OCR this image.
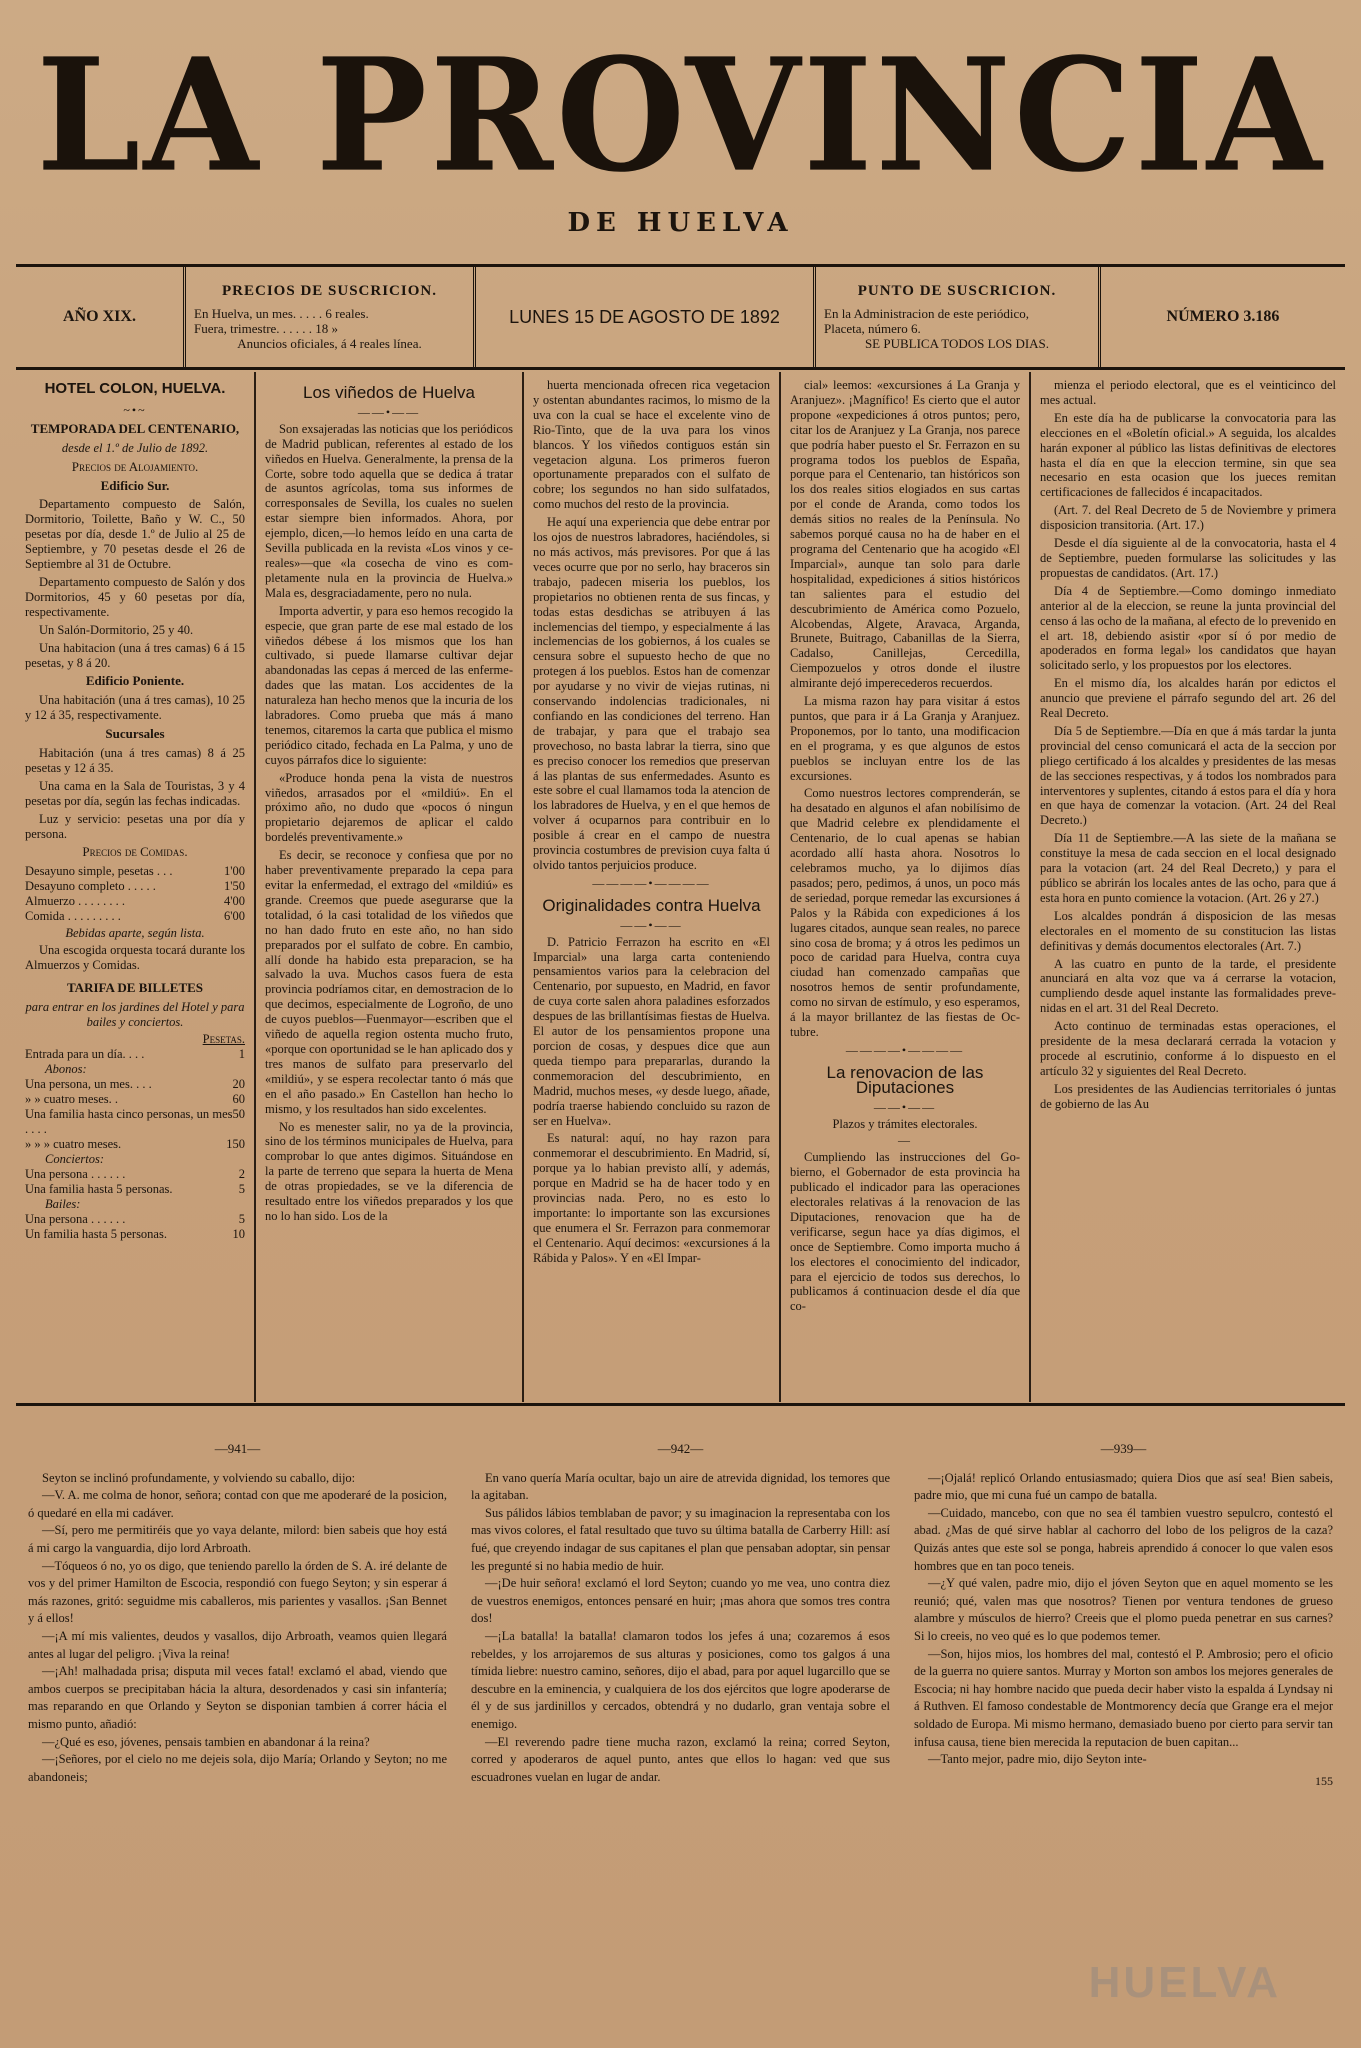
LA PROVINCIA
DE HUELVA
AÑO XIX.
PRECIOS DE SUSCRICION.
En Huelva, un mes. . . . . 6 reales.
Fuera, trimestre. . . . . . 18 »
Anuncios oficiales, á 4 reales línea.
LUNES 15 DE AGOSTO DE 1892
PUNTO DE SUSCRICION.
En la Administracion de este periódico,
Placeta, número 6.
SE PUBLICA TODOS LOS DIAS.
NÚMERO 3.186
HOTEL COLON, HUELVA.
~•~
TEMPORADA DEL CENTENARIO,
desde el 1.º de Julio de 1892.
Precios de Alojamiento.
Edificio Sur.

Departamento compuesto de Salón, Dormitorio, Toilette, Baño y W. C., 50 pesetas por día, desde 1.º de Julio al 25 de Septiembre, y 70 pesetas desde el 26 de Septiembre al 31 de Octubre.

Departamento compuesto de Salón y dos Dormitorios, 45 y 60 pesetas por día, respectivamente.

Un Salón-Dormitorio, 25 y 40.

Una habitacion (una á tres camas) 6 á 15 pesetas, y 8 á 20.

Edificio Poniente.

Una habitación (una á tres camas), 10 25 y 12 á 35, respectivamente.

Sucursales

Habitación (una á tres camas) 8 á 25 pesetas y 12 á 35.

Una cama en la Sala de Touristas, 3 y 4 pesetas por día, según las fechas indicadas.

Luz y servicio: pesetas una por día y persona.

Precios de Comidas.
Desayuno simple, pesetas . . .	1'00
Desayuno completo . . . . .	1'50
Almuerzo . . . . . . . .	4'00
Comida . . . . . . . . .	6'00
Bebidas aparte, según lista.

Una escogida orquesta tocará durante los Almuerzos y Comidas.

TARIFA DE BILLETES
para entrar en los jardines del Hotel y para bailes y conciertos.
Pesetas.
Entrada para un día. . . .	1
Abonos:
Una persona, un mes. . . .	20
» » cuatro meses. .	60
Una familia hasta cinco personas, un mes . . . .
50
» » » cuatro meses.	150
Conciertos:
Una persona . . . . . .	2
Una familia hasta 5 personas.	5
Bailes:
Una persona . . . . . .	5
Un familia hasta 5 personas.	10
Los viñedos de Huelva
——•——

Son exsajeradas las noticias que los periódicos de Madrid publican, referentes al estado de los viñedos en Huelva. Generalmente, la prensa de la Corte, sobre todo aquella que se dedica á tratar de asuntos agrícolas, toma sus informes de corresponsales de Sevilla, los cuales no suelen estar siempre bien informados. Ahora, por ejemplo, dicen,—lo hemos leído en una carta de Sevilla publicada en la revista «Los vinos y cereales»—que «la cosecha de vino es completamente nula en la provincia de Huelva.» Mala es, desgraciadamente, pero no nula.

Importa advertir, y para eso hemos recogido la especie, que gran parte de ese mal estado de los viñedos débese á los mismos que los han cultivado, si puede llamarse cultivar dejar abandonadas las cepas á merced de las enfermedades que las matan. Los accidentes de la naturaleza han hecho menos que la incuria de los labradores. Como prueba que más á mano tenemos, citaremos la carta que publica el mismo periódico citado, fechada en La Palma, y uno de cuyos párrafos dice lo siguiente:

«Produce honda pena la vista de nuestros viñedos, arrasados por el «mildiú». En el próximo año, no dudo que «pocos ó ningun propietario dejaremos de aplicar el caldo bordelés preventivamente.»

Es decir, se reconoce y confiesa que por no haber preventivamente preparado la cepa para evitar la enfermedad, el extrago del «mildiú» es grande. Creemos que puede asegurarse que la totalidad, ó la casi totalidad de los viñedos que no han dado fruto en este año, no han sido preparados por el sulfato de cobre. En cambio, allí donde ha habido esta preparacion, se ha salvado la uva. Muchos casos fuera de esta provincia podríamos citar, en demostracion de lo que decimos, especialmente de Logroño, de uno de cuyos pueblos—Fuenmayor—escriben que el viñedo de aquella region ostenta mucho fruto, «porque con oportunidad se le han aplicado dos y tres manos de sulfato para preservarlo del «mildiú», y se espera recolectar tanto ó más que en el año pasado.» En Castellon han hecho lo mismo, y los resultados han sido excelentes.

No es menester salir, no ya de la provincia, sino de los términos municipales de Huelva, para comprobar lo que antes digimos. Situándose en la parte de terreno que separa la huerta de Mena de otras propiedades, se ve la diferencia de resultado entre los viñedos preparados y los que no lo han sido. Los de la

huerta mencionada ofrecen rica vegetacion y ostentan abundantes racimos, lo mismo de la uva con la cual se hace el excelente vino de Rio-Tinto, que de la uva para los vinos blancos. Y los viñedos contiguos están sin vegetacion alguna. Los primeros fueron oportunamente preparados con el sulfato de cobre; los segundos no han sido sulfatados, como muchos del resto de la provincia.

He aquí una experiencia que debe entrar por los ojos de nuestros labradores, haciéndoles, si no más activos, más previsores. Por que á las veces ocurre que por no serlo, hay braceros sin trabajo, padecen miseria los pueblos, los propietarios no obtienen renta de sus fincas, y todas estas desdichas se atribuyen á las inclemencias del tiempo, y especialmente á las inclemencias de los gobiernos, á los cuales se censura sobre el supuesto hecho de que no protegen á los pueblos. Estos han de comenzar por ayudarse y no vivir de viejas rutinas, ni conservando indolencias tradicionales, ni confiando en las condiciones del terreno. Han de trabajar, y para que el trabajo sea provechoso, no basta labrar la tierra, sino que es preciso conocer los remedios que preservan á las plantas de sus enfermedades. Asunto es este sobre el cual llamamos toda la atencion de los labradores de Huelva, y en el que hemos de volver á ocuparnos para contribuir en lo posible á crear en el campo de nuestra provincia costumbres de prevision cuya falta ú olvido tantos perjuicios produce.

————•————
Originalidades contra Huelva
——•——

D. Patricio Ferrazon ha escrito en «El Imparcial» una larga carta conteniendo pensamientos varios para la celebracion del Centenario, por supuesto, en Madrid, en favor de cuya corte salen ahora paladines esforzados despues de las brillantísimas fiestas de Huelva. El autor de los pensamientos propone una porcion de cosas, y despues dice que aun queda tiempo para prepararlas, durando la conmemoracion del descubrimiento, en Madrid, muchos meses, «y desde luego, añade, podría traerse habiendo concluido su razon de ser en Huelva».

Es natural: aquí, no hay razon para conmemorar el descubrimiento. En Madrid, sí, porque ya lo habian previsto allí, y además, porque en Madrid se ha de hacer todo y en provincias nada. Pero, no es esto lo importante: lo importante son las excursiones que enumera el Sr. Ferrazon para conmemorar el Centenario. Aquí decimos: «excursiones á la Rábida y Palos». Y en «El Impar-

cial» leemos: «excursiones á La Granja y Aranjuez». ¡Magnífico! Es cierto que el autor propone «expediciones á otros puntos; pero, citar los de Aranjuez y La Granja, nos parece que podría haber puesto el Sr. Ferrazon en su programa todos los pueblos de España, porque para el Centenario, tan históricos son los dos reales sitios elogiados en sus cartas por el conde de Aranda, como todos los demás sitios no reales de la Península. No sabemos porqué causa no ha de haber en el programa del Centenario que ha acogido «El Imparcial», aunque tan solo para darle hospitalidad, expediciones á sitios históricos tan salientes para el estudio del descubrimiento de América como Pozuelo, Alcobendas, Algete, Aravaca, Arganda, Brunete, Buitrago, Cabanillas de la Sierra, Cadalso, Canillejas, Cercedilla, Ciempozuelos y otros donde el ilustre almirante dejó imperecederos recuerdos.

La misma razon hay para visitar á estos puntos, que para ir á La Granja y Aranjuez. Proponemos, por lo tanto, una modificacion en el programa, y es que algunos de estos pueblos se incluyan entre los de las excursiones.

Como nuestros lectores comprenderán, se ha desatado en algunos el afan nobilísimo de que Madrid celebre ex plendidamente el Centenario, de lo cual apenas se habian acordado allí hasta ahora. Nosotros lo celebramos mucho, ya lo dijimos días pasados; pero, pedimos, á unos, un poco más de seriedad, porque remedar las excursiones á Palos y la Rábida con expediciones á los lugares citados, aunque sean reales, no parece sino cosa de broma; y á otros les pedimos un poco de caridad para Huelva, contra cuya ciudad han comenzado campañas que nosotros hemos de sentir profundamente, como no sirvan de estímulo, y eso esperamos, á la mayor brillantez de las fiestas de Octubre.

————•————
La renovacion de las Diputaciones
——•——
Plazos y trámites electorales.
—

Cumpliendo las instrucciones del Gobierno, el Gobernador de esta provincia ha publicado el indicador para las operaciones electorales relativas á la renovacion de las Diputaciones, renovacion que ha de verificarse, segun hace ya días digimos, el once de Septiembre. Como importa mucho á los electores el conocimiento del indicador, para el ejercicio de todos sus derechos, lo publicamos á continuacion desde el día que co-

mienza el periodo electoral, que es el veinticinco del mes actual.

En este día ha de publicarse la convocatoria para las elecciones en el «Boletín oficial.» A seguida, los alcaldes harán exponer al público las listas definitivas de electores hasta el día en que la eleccion termine, sin que sea necesario en esta ocasion que los jueces remitan certificaciones de fallecidos é incapacitados.

(Art. 7. del Real Decreto de 5 de Noviembre y primera disposicion transitoria. (Art. 17.)

Desde el día siguiente al de la convocatoria, hasta el 4 de Septiembre, pueden formularse las solicitudes y las propuestas de candidatos. (Art. 17.)

Día 4 de Septiembre.—Como domingo inmediato anterior al de la eleccion, se reune la junta provincial del censo á las ocho de la mañana, al efecto de lo prevenido en el art. 18, debiendo asistir «por sí ó por medio de apoderados en forma legal» los candidatos que hayan solicitado serlo, y los propuestos por los electores.

En el mismo día, los alcaldes harán por edictos el anuncio que previene el párrafo segundo del art. 26 del Real Decreto.

Día 5 de Septiembre.—Día en que á más tardar la junta provincial del censo comunicará el acta de la seccion por pliego certificado á los alcaldes y presidentes de las mesas de las secciones respectivas, y á todos los nombrados para interventores y suplentes, citando á estos para el día y hora en que haya de comenzar la votacion. (Art. 24 del Real Decreto.)

Día 11 de Septiembre.—A las siete de la mañana se constituye la mesa de cada seccion en el local designado para la votacion (art. 24 del Real Decreto,) y para el público se abrirán los locales antes de las ocho, para que á esta hora en punto comience la votacion. (Art. 26 y 27.)

Los alcaldes pondrán á disposicion de las mesas electorales en el momento de su constitucion las listas definitivas y demás documentos electorales (Art. 7.)

A las cuatro en punto de la tarde, el presidente anunciará en alta voz que va á cerrarse la votacion, cumpliendo desde aquel instante las formalidades prevenidas en el art. 31 del Real Decreto.

Acto continuo de terminadas estas operaciones, el presidente de la mesa declarará cerrada la votacion y procede al escrutinio, conforme á lo dispuesto en el artículo 32 y siguientes del Real Decreto.

Los presidentes de las Audiencias territoriales ó juntas de gobierno de las Au

—941—

Seyton se inclinó profundamente, y volviendo su caballo, dijo:

—V. A. me colma de honor, señora; contad con que me apoderaré de la posicion, ó quedaré en ella mi cadáver.

—Sí, pero me permitiréis que yo vaya delante, milord: bien sabeis que hoy está á mi cargo la vanguardia, dijo lord Arbroath.

—Tóqueos ó no, yo os digo, que teniendo parello la órden de S. A. iré delante de vos y del primer Hamilton de Escocia, respondió con fuego Seyton; y sin esperar á más razones, gritó: seguidme mis caballeros, mis parientes y vasallos. ¡San Bennet y á ellos!

—¡A mí mis valientes, deudos y vasallos, dijo Arbroath, veamos quien llegará antes al lugar del peligro. ¡Viva la reina!

—¡Ah! malhadada prisa; disputa mil veces fatal! exclamó el abad, viendo que ambos cuerpos se precipitaban hácia la altura, desordenados y casi sin infantería; mas reparando en que Orlando y Seyton se disponian tambien á correr hácia el mismo punto, añadió:

—¿Qué es eso, jóvenes, pensais tambien en abandonar á la reina?

—¡Señores, por el cielo no me dejeis sola, dijo María; Orlando y Seyton; no me abandoneis;

—942—

En vano quería María ocultar, bajo un aire de atrevida dignidad, los temores que la agitaban.

Sus pálidos lábios temblaban de pavor; y su imaginacion la representaba con los mas vivos colores, el fatal resultado que tuvo su última batalla de Carberry Hill: así fué, que creyendo indagar de sus capitanes el plan que pensaban adoptar, sin pensar les pregunté si no habia medio de huir.

—¡De huir señora! exclamó el lord Seyton; cuando yo me vea, uno contra diez de vuestros enemigos, entonces pensaré en huir; ¡mas ahora que somos tres contra dos!

—¡La batalla! la batalla! clamaron todos los jefes á una; cozaremos á esos rebeldes, y los arrojaremos de sus alturas y posiciones, como tos galgos á una tímida liebre: nuestro camino, señores, dijo el abad, para por aquel lugarcillo que se descubre en la eminencia, y cualquiera de los dos ejércitos que logre apoderarse de él y de sus jardinillos y cercados, obtendrá y no dudarlo, gran ventaja sobre el enemigo.

—El reverendo padre tiene mucha razon, exclamó la reina; corred Seyton, corred y apoderaros de aquel punto, antes que ellos lo hagan: ved que sus escuadrones vuelan en lugar de andar.

—939—

—¡Ojalá! replicó Orlando entusiasmado; quiera Dios que así sea! Bien sabeis, padre mio, que mi cuna fué un campo de batalla.

—Cuidado, mancebo, con que no sea él tambien vuestro sepulcro, contestó el abad. ¿Mas de qué sirve hablar al cachorro del lobo de los peligros de la caza? Quizás antes que este sol se ponga, habreis aprendido á conocer lo que valen esos hombres que en tan poco teneis.

—¿Y qué valen, padre mio, dijo el jóven Seyton que en aquel momento se les reunió; qué, valen mas que nosotros? Tienen por ventura tendones de grueso alambre y músculos de hierro? Creeis que el plomo pueda penetrar en sus carnes? Si lo creeis, no veo qué es lo que podemos temer.

—Son, hijos mios, los hombres del mal, contestó el P. Ambrosio; pero el oficio de la guerra no quiere santos. Murray y Morton son ambos los mejores generales de Escocia; ni hay hombre nacido que pueda decir haber visto la espalda á Lyndsay ni á Ruthven. El famoso condestable de Montmorency decía que Grange era el mejor soldado de Europa. Mi mismo hermano, demasiado bueno por cierto para servir tan infusa causa, tiene bien merecida la reputacion de buen capitan...

—Tanto mejor, padre mio, dijo Seyton inte-

155
HUELVA
